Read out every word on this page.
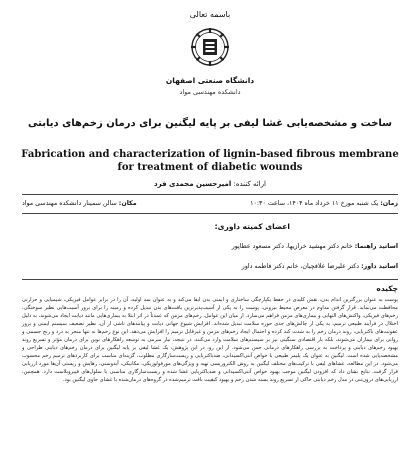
باسمه تعالی
دانشگاه صنعتی اصفهان
دانشکده مهندسی مواد
ساخت و مشخصه‌یابی غشا لیفی بر پایه لیگنین برای درمان زخم‌های دیابتی
Fabrication and characterization of lignin-based fibrous membrane for treatment of diabetic wounds
ارائه کننده: امیرحسین محمدی فرد
زمان: یک شنبه مورخ ۱۱ خرداد ماه ۱۴۰۴، ساعت ۱۰:۳۰
مکان: سالن سمینار دانشکده مهندسی مواد
اعضای کمیته داوری:
اساتید راهنما: خانم دکتر مهشید خرازیها، دکتر مسعود عطاپور
اساتید داور: دکتر علیرضا علافچیان، خانم دکتر فاطمه داور
چکیده
پوست به عنوان بزرگترین اندام بدن، نقش کلیدی در حفظ یکپارچگی ساختاری و ایمنی بدن ایفا می‌کند و به عنوان سد اولیه، آن را در برابر عوامل فیزیکی، شیمیایی و حرارتی محافظت می‌نماید. قرار گرفتن مداوم در معرض محیط بیرونی، پوست را به یکی از آسیب‌پذیرترین بافت‌های بدن تبدیل کرده و زمینه را برای بروز آسیب‌هایی نظیر سوختگی، زخم‌های فیزیکی، واکنش‌های التهابی و بیماری‌های مزمن فراهم می‌سازد. از میان این عوامل، زخم‌های مزمن که عمدتاً در اثر ابتلا به بیماری‌هایی مانند دیابت ایجاد می‌شوند، به دلیل اختلال در فرآیند طبیعی ترمیم، به یکی از چالش‌های جدی حوزه سلامت تبدیل شده‌اند. افزایش شیوع جهانی دیابت و پیامدهای ناشی از آن، نظیر تضعیف سیستم ایمنی و بروز عفونت‌های باکتریایی، روند درمان زخم را به شدت کند کرده و احتمال ایجاد زخم‌های مزمن و غیرقابل ترمیم را افزایش می‌دهد. این نوع زخم‌ها نه تنها منجر به درد و رنج جسمی و روانی برای بیماران می‌شوند، بلکه بار اقتصادی سنگینی نیز بر سیستم‌های سلامت وارد می‌کنند. در نتیجه، نیاز مبرمی به توسعه راهکارهای نوین برای درمان مؤثر و تسریع روند بهبود زخم‌های دیابتی و پرداخت به بررسی راهکارهای درمانی حس می‌شود. از این رو، در این پژوهش، یک غشا لیفی بر پایه لیگنین برای درمان زخم‌های دیابتی طراحی و مشخصه‌یابی شده است. لیگنین به عنوان یک پلیمر طبیعی با خواص آنتی‌اکسیدانی، ضدباکتریایی و زیست‌سازگاری مطلوب، گزینه‌ای مناسب برای کاربردهای ترمیم زخم محسوب می‌شود. در این مطالعه، غشاهای لیفی با ترکیب‌های مختلف لیگنین به روش الکتروریسی تهیه و ویژگی‌های مورفولوژیکی، مکانیکی، آبدوستی، رهایش و زیستی آن‌ها مورد ارزیابی قرار گرفت. نتایج نشان داد که افزودن لیگنین موجب بهبود خواص آنتی‌اکسیدانی و ضدباکتریایی غشا شده و زیست‌سازگاری مناسبی با سلول‌های فیبروبلاست دارد. همچنین، ارزیابی‌های درون‌تنی در مدل زخم دیابتی حاکی از تسریع روند بسته شدن زخم و بهبود کیفیت بافت ترمیم‌شده در گروه‌های درمان‌شده با غشای حاوی لیگنین بود.
